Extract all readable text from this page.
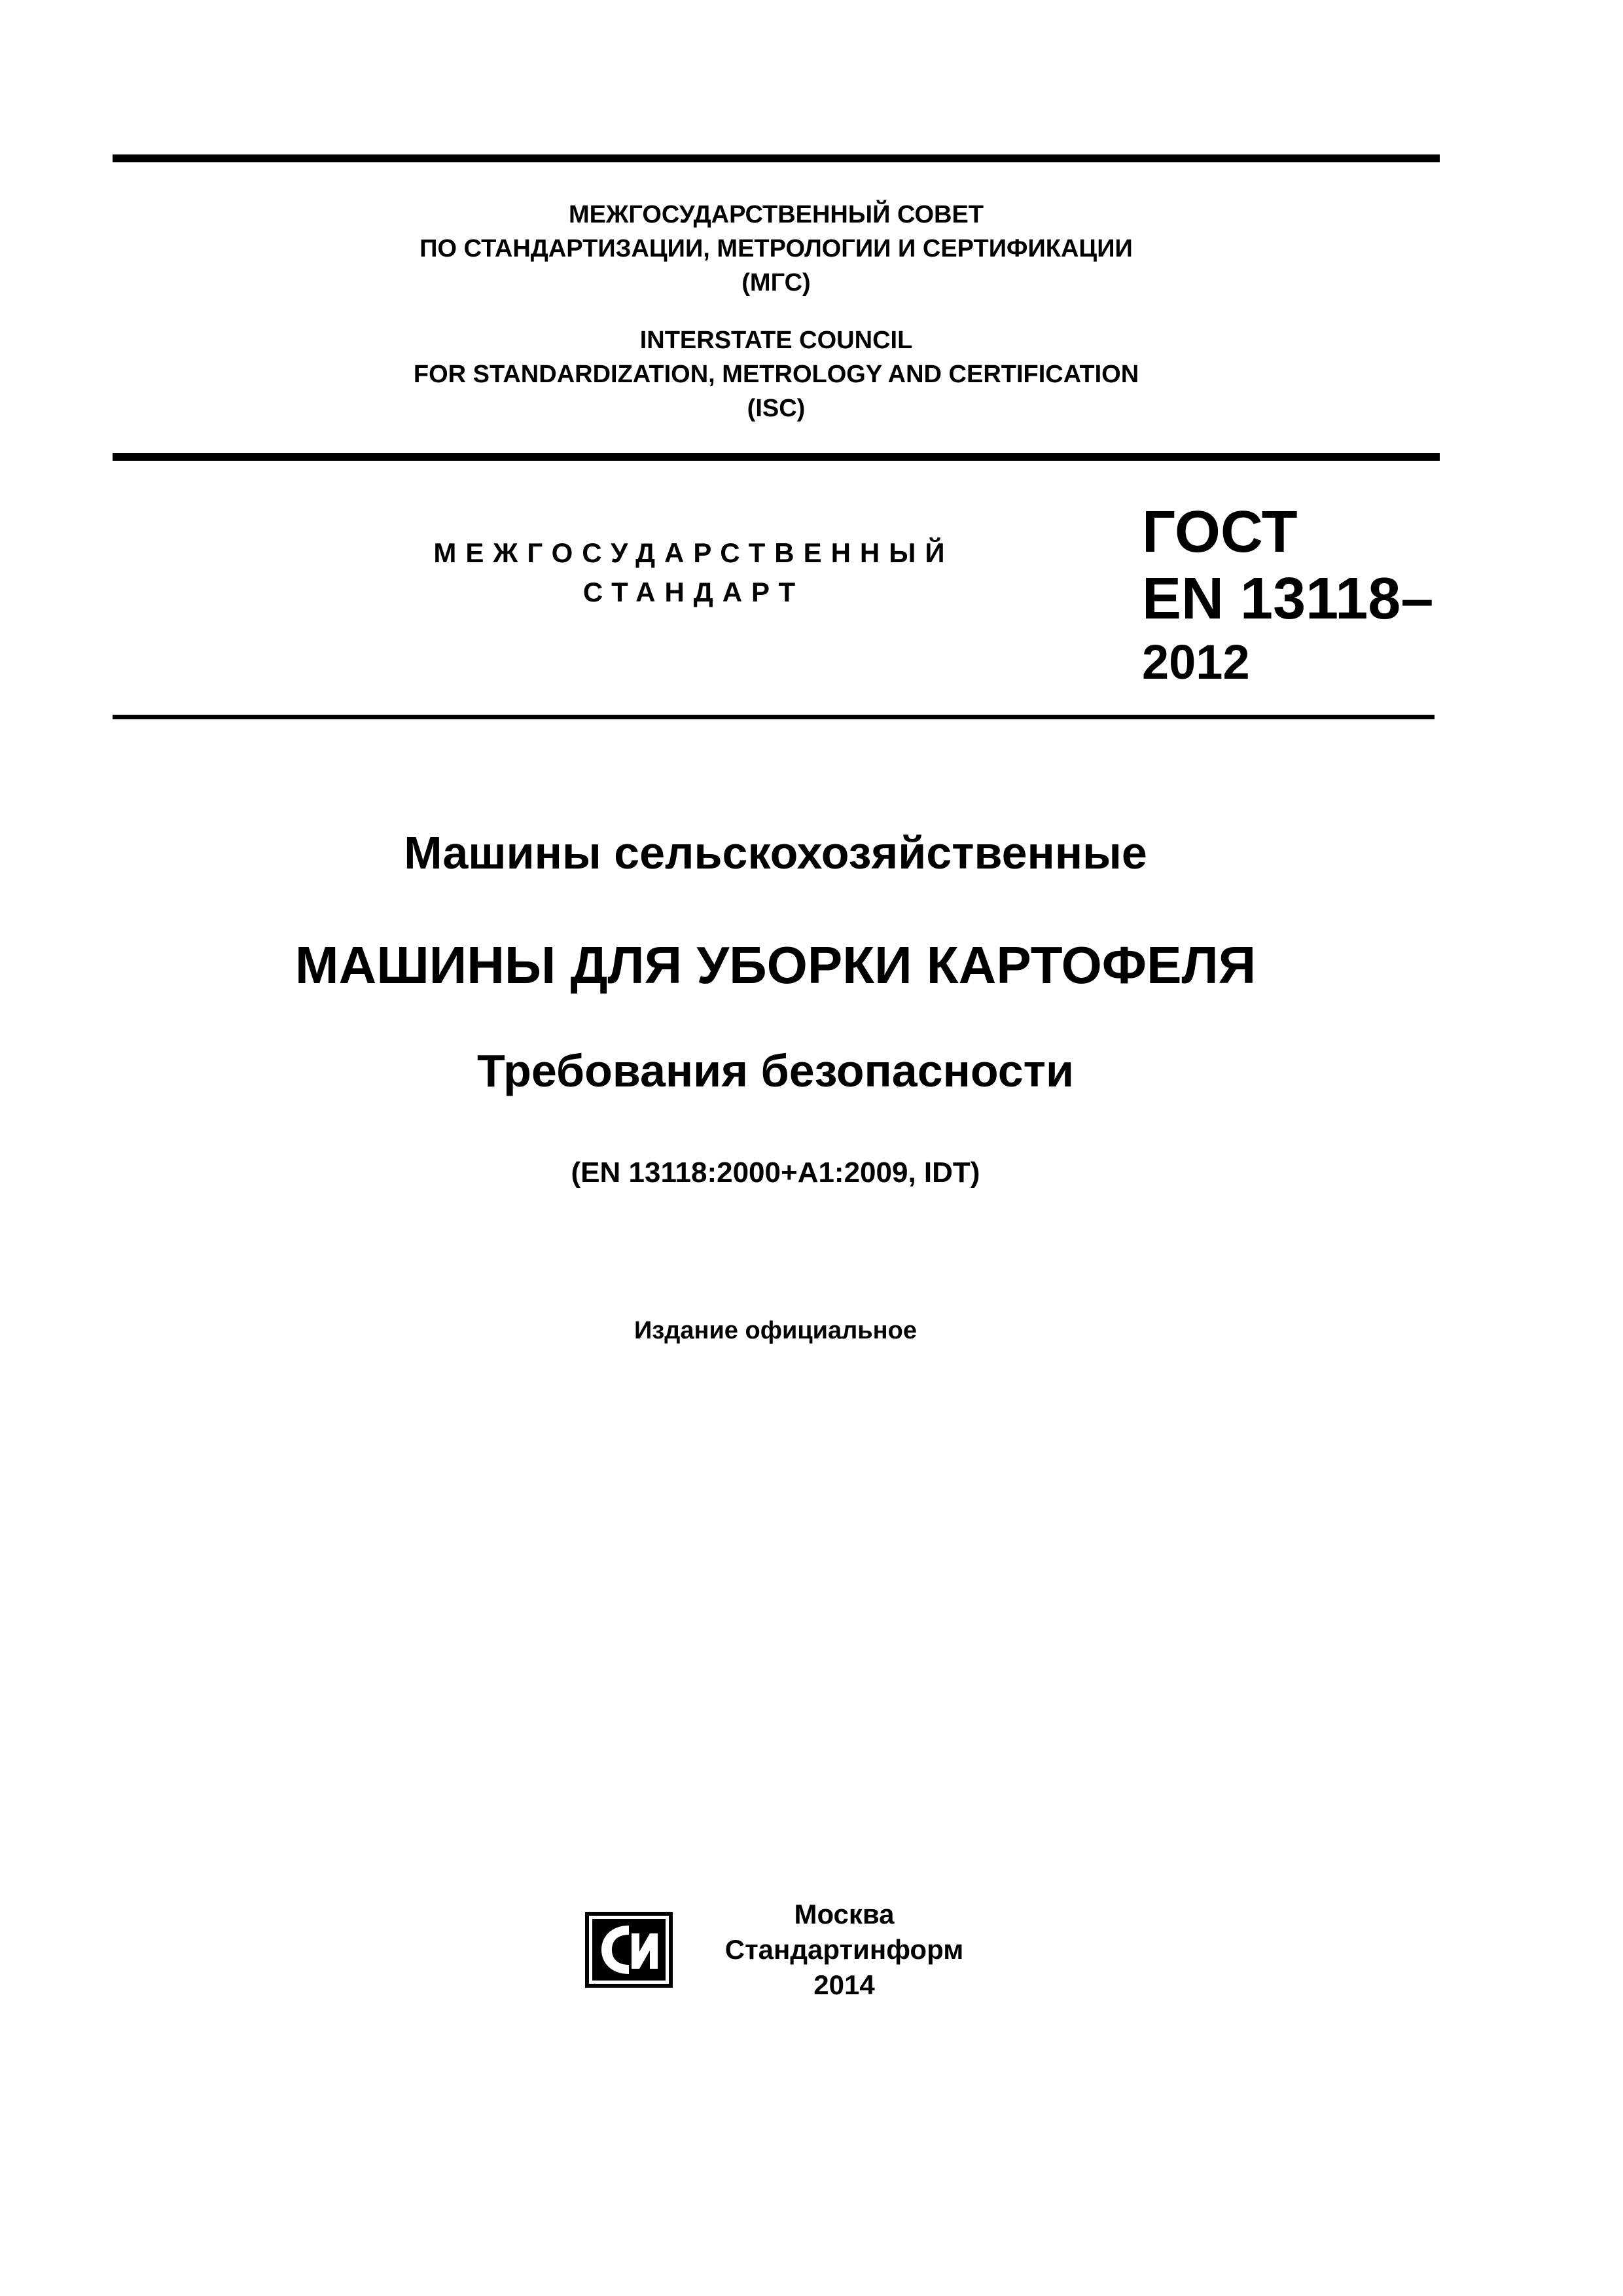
МЕЖГОСУДАРСТВЕННЫЙ СОВЕТ
ПО СТАНДАРТИЗАЦИИ, МЕТРОЛОГИИ И СЕРТИФИКАЦИИ
(МГС)
INTERSTATE COUNCIL
FOR STANDARDIZATION, METROLOGY AND CERTIFICATION
(ISC)
МЕЖГОСУДАРСТВЕННЫЙ
СТАНДАРТ
ГОСТ
EN 13118–
2012
Машины сельскохозяйственные
МАШИНЫ ДЛЯ УБОРКИ КАРТОФЕЛЯ
Требования безопасности
(EN 13118:2000+A1:2009, IDT)
Издание официальное
Москва
Стандартинформ
2014
